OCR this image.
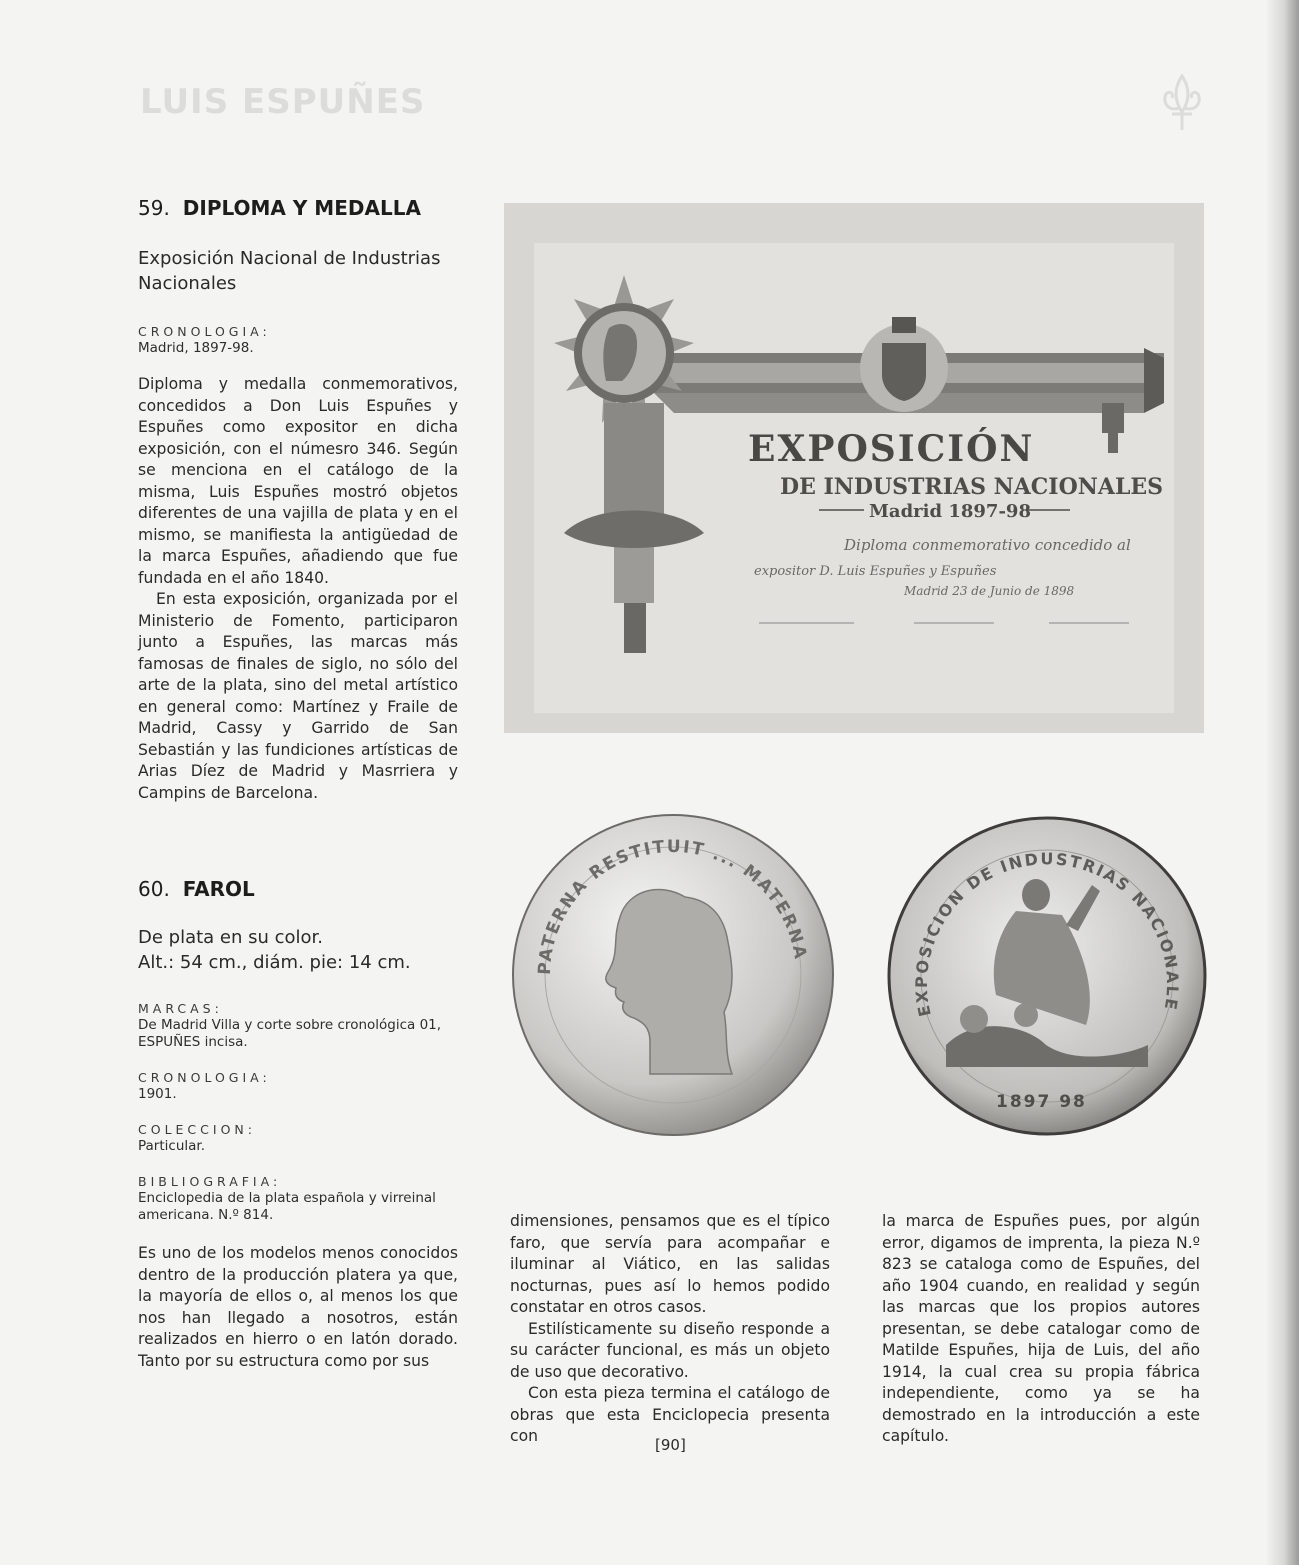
LUIS ESPUÑES
59. DIPLOMA Y MEDALLA

Exposición Nacional de Industrias Nacionales

CRONOLOGIA:

Madrid, 1897-98.

Diploma y medalla conmemorativos, concedidos a Don Luis Espuñes y Espuñes como expositor en dicha exposición, con el númesro 346. Según se menciona en el catálogo de la misma, Luis Espuñes mostró objetos diferentes de una vajilla de plata y en el mismo, se manifiesta la antigüedad de la marca Espuñes, añadiendo que fue fundada en el año 1840.

En esta exposición, organizada por el Ministerio de Fomento, participaron junto a Espuñes, las marcas más famosas de finales de siglo, no sólo del arte de la plata, sino del metal artístico en general como: Martínez y Fraile de Madrid, Cassy y Garrido de San Sebastián y las fundiciones artísticas de Arias Díez de Madrid y Masrriera y Campins de Barcelona.

60. FAROL

De plata en su color.

Alt.: 54 cm., diám. pie: 14 cm.

MARCAS:

De Madrid Villa y corte sobre cronológica 01, ESPUÑES incisa.

CRONOLOGIA:

1901.

COLECCION:

Particular.

BIBLIOGRAFIA:

Enciclopedia de la plata española y virreinal americana. N.º 814.

Es uno de los modelos menos conocidos dentro de la producción platera ya que, la mayoría de ellos o, al menos los que nos han llegado a nosotros, están realizados en hierro o en latón dorado. Tanto por su estructura como por sus

EXPOSICIÓN
DE INDUSTRIAS NACIONALES
Madrid 1897-98
Diploma conmemorativo concedido al
expositor D. Luis Espuñes y Espuñes
Madrid 23 de Junio de 1898
PATERNA RESTITUIT ... MATERNA
EXPOSICION DE INDUSTRIAS NACIONALE
1897 98

dimensiones, pensamos que es el típico faro, que servía para acompañar e iluminar al Viático, en las salidas nocturnas, pues así lo hemos podido constatar en otros casos.

Estilísticamente su diseño responde a su carácter funcional, es más un objeto de uso que decorativo.

Con esta pieza termina el catálogo de obras que esta Enciclopecia presenta con

la marca de Espuñes pues, por algún error, digamos de imprenta, la pieza N.º 823 se cataloga como de Espuñes, del año 1904 cuando, en realidad y según las marcas que los propios autores presentan, se debe catalogar como de Matilde Espuñes, hija de Luis, del año 1914, la cual crea su propia fábrica independiente, como ya se ha demostrado en la introducción a este capítulo.

[90]
